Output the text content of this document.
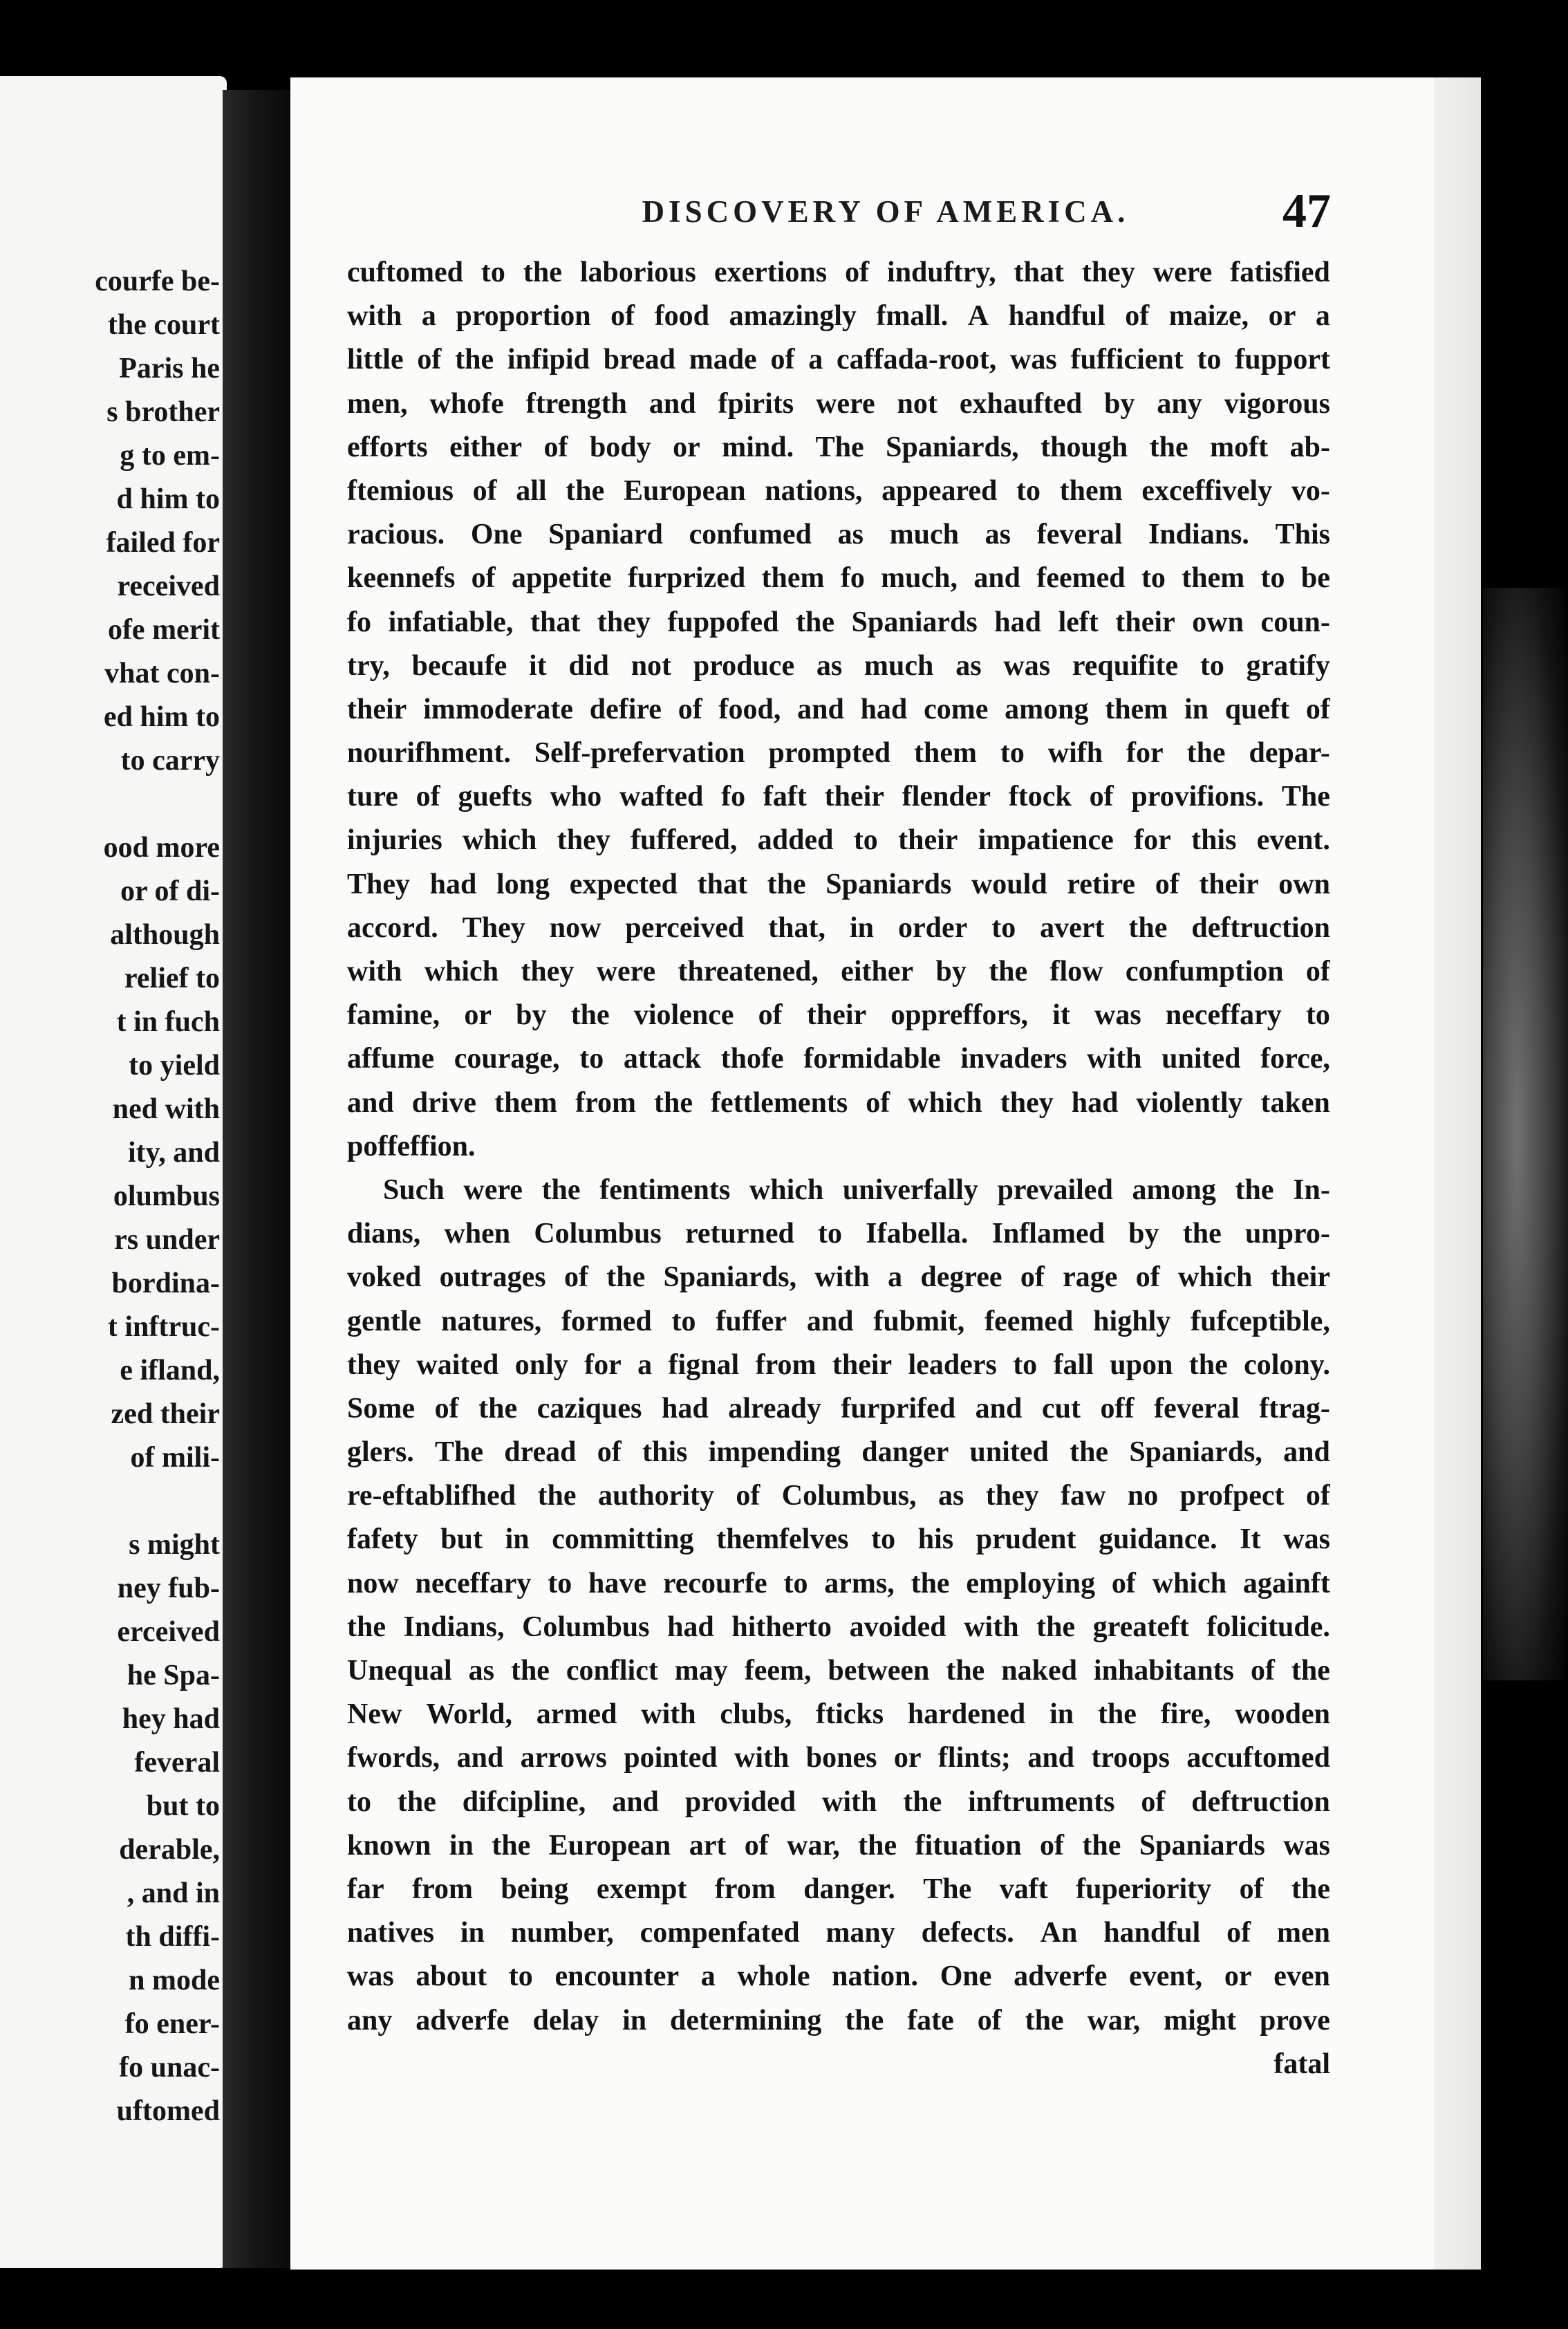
courfe be-
the court
Paris he
s brother
g to em-
d him to
failed for
received
ofe merit
vhat con-
ed him to
to carry
ood more
or of di-
although
relief to
t in fuch
to yield
ned with
ity, and
olumbus
rs under
bordina-
t inftruc-
e ifland,
zed their
of mili-
s might
ney fub-
erceived
he Spa-
hey had
feveral
but to
derable,
, and in
th diffi-
n mode
fo ener-
fo unac-
uftomed
DISCOVERY OF AMERICA.	47
cuftomed to the laborious exertions of induftry, that they were fatisfied
with a proportion of food amazingly fmall. A handful of maize, or a
little of the infipid bread made of a caffada-root, was fufficient to fupport
men, whofe ftrength and fpirits were not exhaufted by any vigorous
efforts either of body or mind. The Spaniards, though the moft ab-
ftemious of all the European nations, appeared to them exceffively vo-
racious. One Spaniard confumed as much as feveral Indians. This
keennefs of appetite furprized them fo much, and feemed to them to be
fo infatiable, that they fuppofed the Spaniards had left their own coun-
try, becaufe it did not produce as much as was requifite to gratify
their immoderate defire of food, and had come among them in queft of
nourifhment. Self-prefervation prompted them to wifh for the depar-
ture of guefts who wafted fo faft their flender ftock of provifions. The
injuries which they fuffered, added to their impatience for this event.
They had long expected that the Spaniards would retire of their own
accord. They now perceived that, in order to avert the deftruction
with which they were threatened, either by the flow confumption of
famine, or by the violence of their oppreffors, it was neceffary to
affume courage, to attack thofe formidable invaders with united force,
and drive them from the fettlements of which they had violently taken
poffeffion.
Such were the fentiments which univerfally prevailed among the In-
dians, when Columbus returned to Ifabella. Inflamed by the unpro-
voked outrages of the Spaniards, with a degree of rage of which their
gentle natures, formed to fuffer and fubmit, feemed highly fufceptible,
they waited only for a fignal from their leaders to fall upon the colony.
Some of the caziques had already furprifed and cut off feveral ftrag-
glers. The dread of this impending danger united the Spaniards, and
re-eftablifhed the authority of Columbus, as they faw no profpect of
fafety but in committing themfelves to his prudent guidance. It was
now neceffary to have recourfe to arms, the employing of which againft
the Indians, Columbus had hitherto avoided with the greateft folicitude.
Unequal as the conflict may feem, between the naked inhabitants of the
New World, armed with clubs, fticks hardened in the fire, wooden
fwords, and arrows pointed with bones or flints; and troops accuftomed
to the difcipline, and provided with the inftruments of deftruction
known in the European art of war, the fituation of the Spaniards was
far from being exempt from danger. The vaft fuperiority of the
natives in number, compenfated many defects. An handful of men
was about to encounter a whole nation. One adverfe event, or even
any adverfe delay in determining the fate of the war, might prove
fatal
